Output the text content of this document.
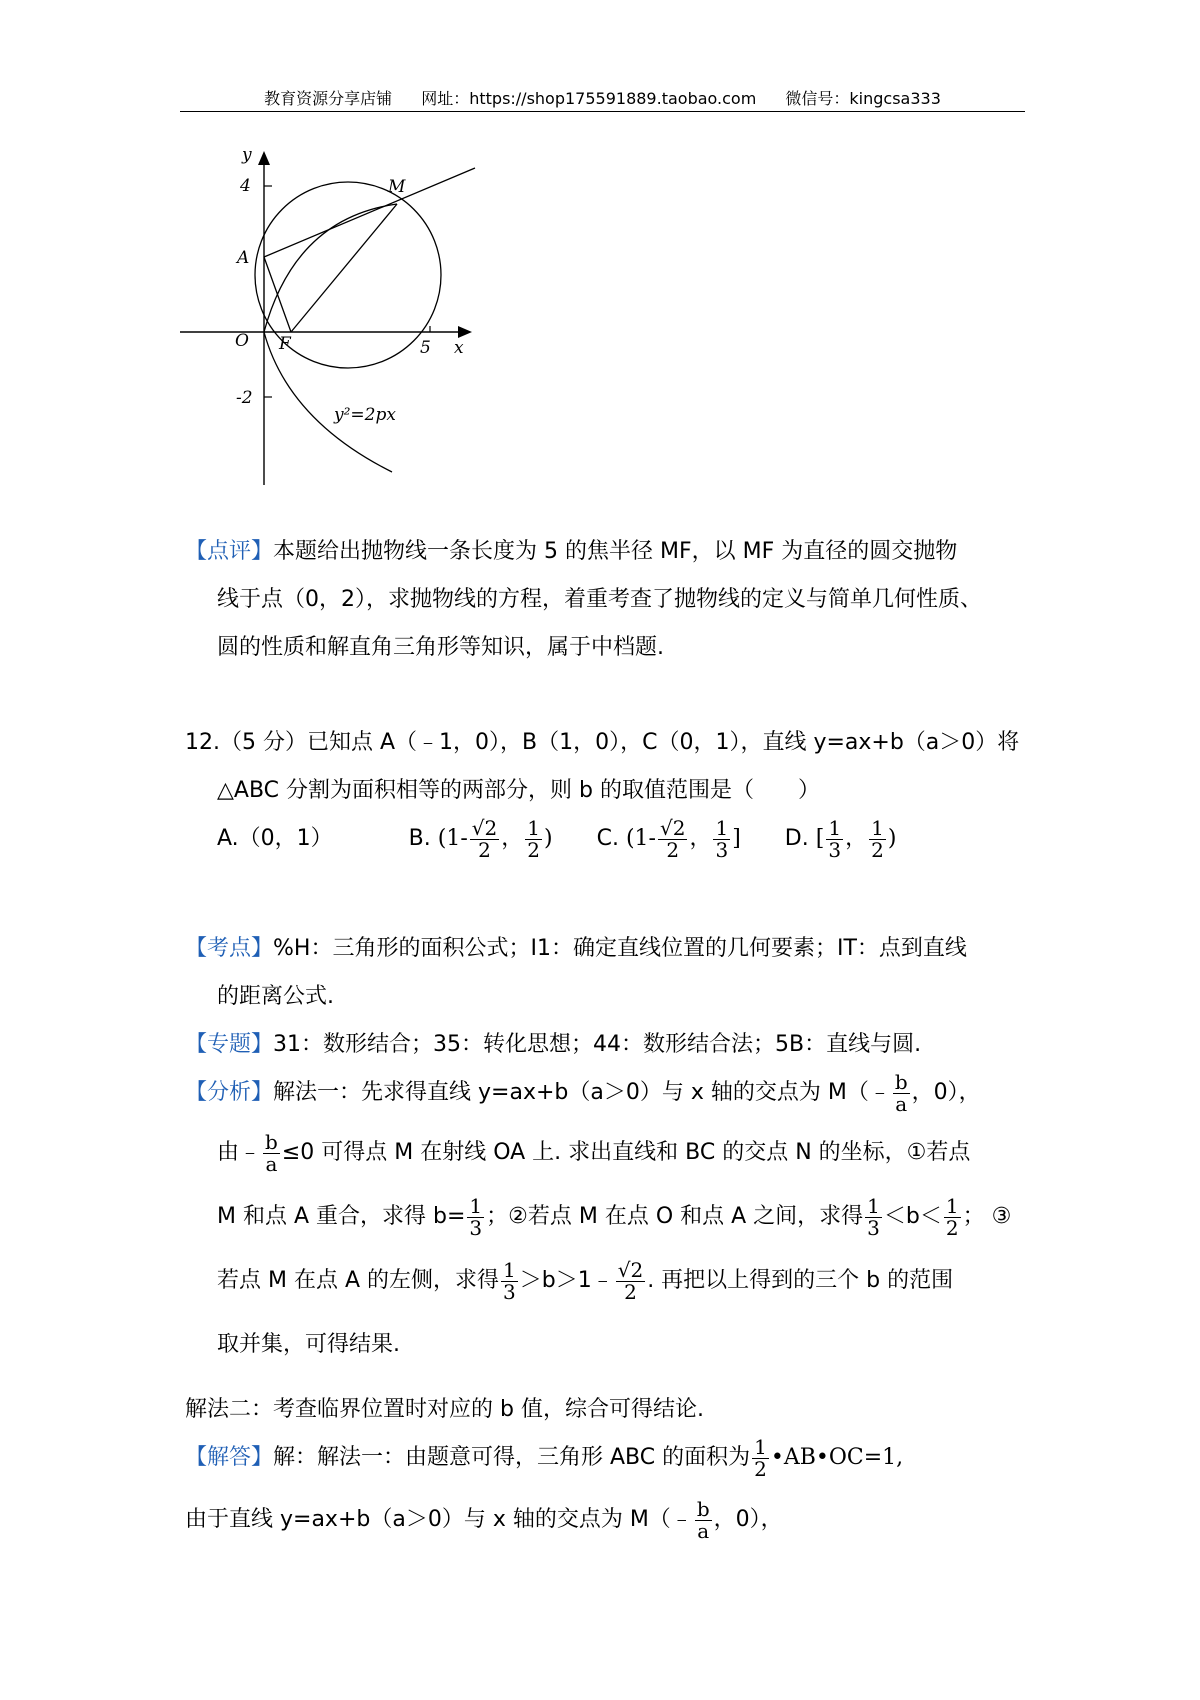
教育资源分享店铺 网址：https://shop175591889.taobao.com 微信号：kingcsa333
y
x
4
-2
5
M
A
O F
y²=2px
【点评】本题给出抛物线一条长度为 5 的焦半径 MF，以 MF 为直径的圆交抛物
线于点（0，2），求抛物线的方程，着重考查了抛物线的定义与简单几何性质、
圆的性质和解直角三角形等知识，属于中档题.
12.（5 分）已知点 A（﹣1，0），B（1，0），C（0，1），直线 y=ax+b（a＞0）将
△ABC 分割为面积相等的两部分，则 b 的取值范围是（　　）
A.（0，1）	B. ($1- \frac{√2}{2}$ ， $\frac{1}{2}$ ) C. ($1- \frac{√2}{2}$ ， $\frac{1}{3}$ ] D. [ $\frac{1}{3}$ ， $\frac{1}{2}$ )
【考点】%H：三角形的面积公式；I1：确定直线位置的几何要素；IT：点到直线
的距离公式.
【专题】31：数形结合；35：转化思想；44：数形结合法；5B：直线与圆.
【分析】解法一：先求得直线 y=ax+b（a＞0）与 x 轴的交点为 M（﹣ $\frac{b}{a}$ ，0），
由﹣ $\frac{b}{a} \le 0$ 可得点 M 在射线 OA 上. 求出直线和 BC 的交点 N 的坐标，①若点
M 和点 A 重合，求得 $b= \frac{1}{3}$ ；②若点 M 在点 O 和点 A 之间，求得 $\frac{1}{3} <b< \frac{1}{2}$ ； ③
若点 M 在点 A 的左侧，求得 $\frac{1}{3}$ ＞b＞1﹣ $\frac{√2}{2}$ . 再把以上得到的三个 b 的范围
取并集，可得结果.
解法二：考查临界位置时对应的 b 值，综合可得结论.
【解答】解：解法一：由题意可得，三角形 ABC 的面积为 $\frac{1}{2}$ •AB•OC=1,
由于直线 y=ax+b（a＞0）与 x 轴的交点为 M（﹣ $\frac{b}{a}$ ，0），
